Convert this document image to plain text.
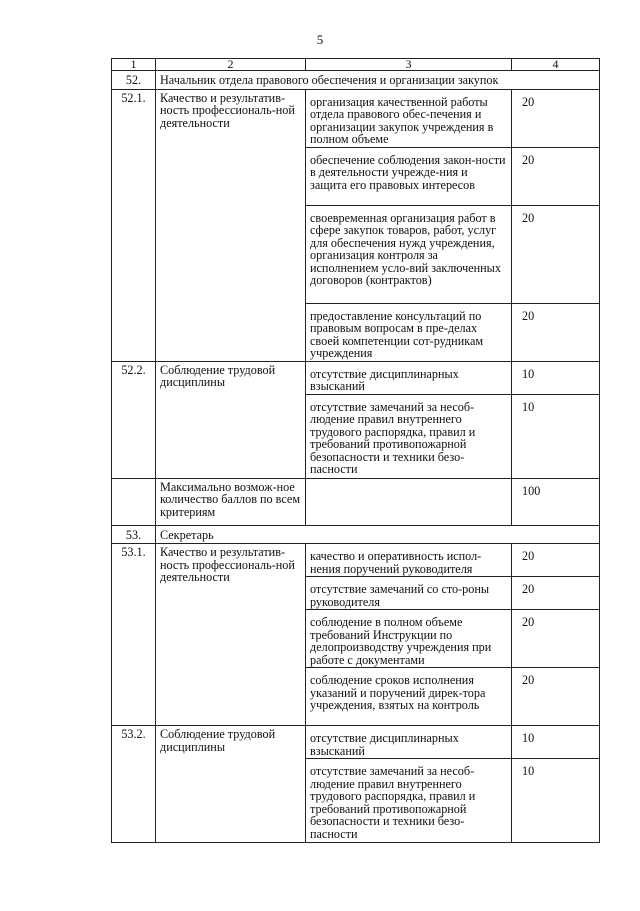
5
1	2	3	4
52.	Начальник отдела правового обеспечения и организации закупок		
52.1.	Качество и результатив-ность профессиональ-ной деятельности	организация качественной работы отдела правового обес-печения и организации закупок учреждения в полном объеме	20
		обеспечение соблюдения закон-ности в деятельности учрежде-ния и защита его правовых интересов	20
		своевременная организация работ в сфере закупок товаров, работ, услуг для обеспечения нужд учреждения, организация контроля за исполнением усло-вий заключенных договоров (контрактов)	20
		предоставление консультаций по правовым вопросам в пре-делах своей компетенции сот-рудникам учреждения	20
52.2.	Соблюдение трудовой дисциплины	отсутствие дисциплинарных взысканий	10
		отсутствие замечаний за несоб-людение правил внутреннего трудового распорядка, правил и требований противопожарной безопасности и техники безо-пасности	10
	Максимально возмож-ное количество баллов по всем критериям		100
53.	Секретарь		
53.1.	Качество и результатив-ность профессиональ-ной деятельности	качество и оперативность испол-нения поручений руководителя	20
		отсутствие замечаний со сто-роны руководителя	20
		соблюдение в полном объеме требований Инструкции по делопроизводству учреждения при работе с документами	20
		соблюдение сроков исполнения указаний и поручений дирек-тора учреждения, взятых на контроль	20
53.2.	Соблюдение трудовой дисциплины	отсутствие дисциплинарных взысканий	10
		отсутствие замечаний за несоб-людение правил внутреннего трудового распорядка, правил и требований противопожарной безопасности и техники безо-пасности	10
